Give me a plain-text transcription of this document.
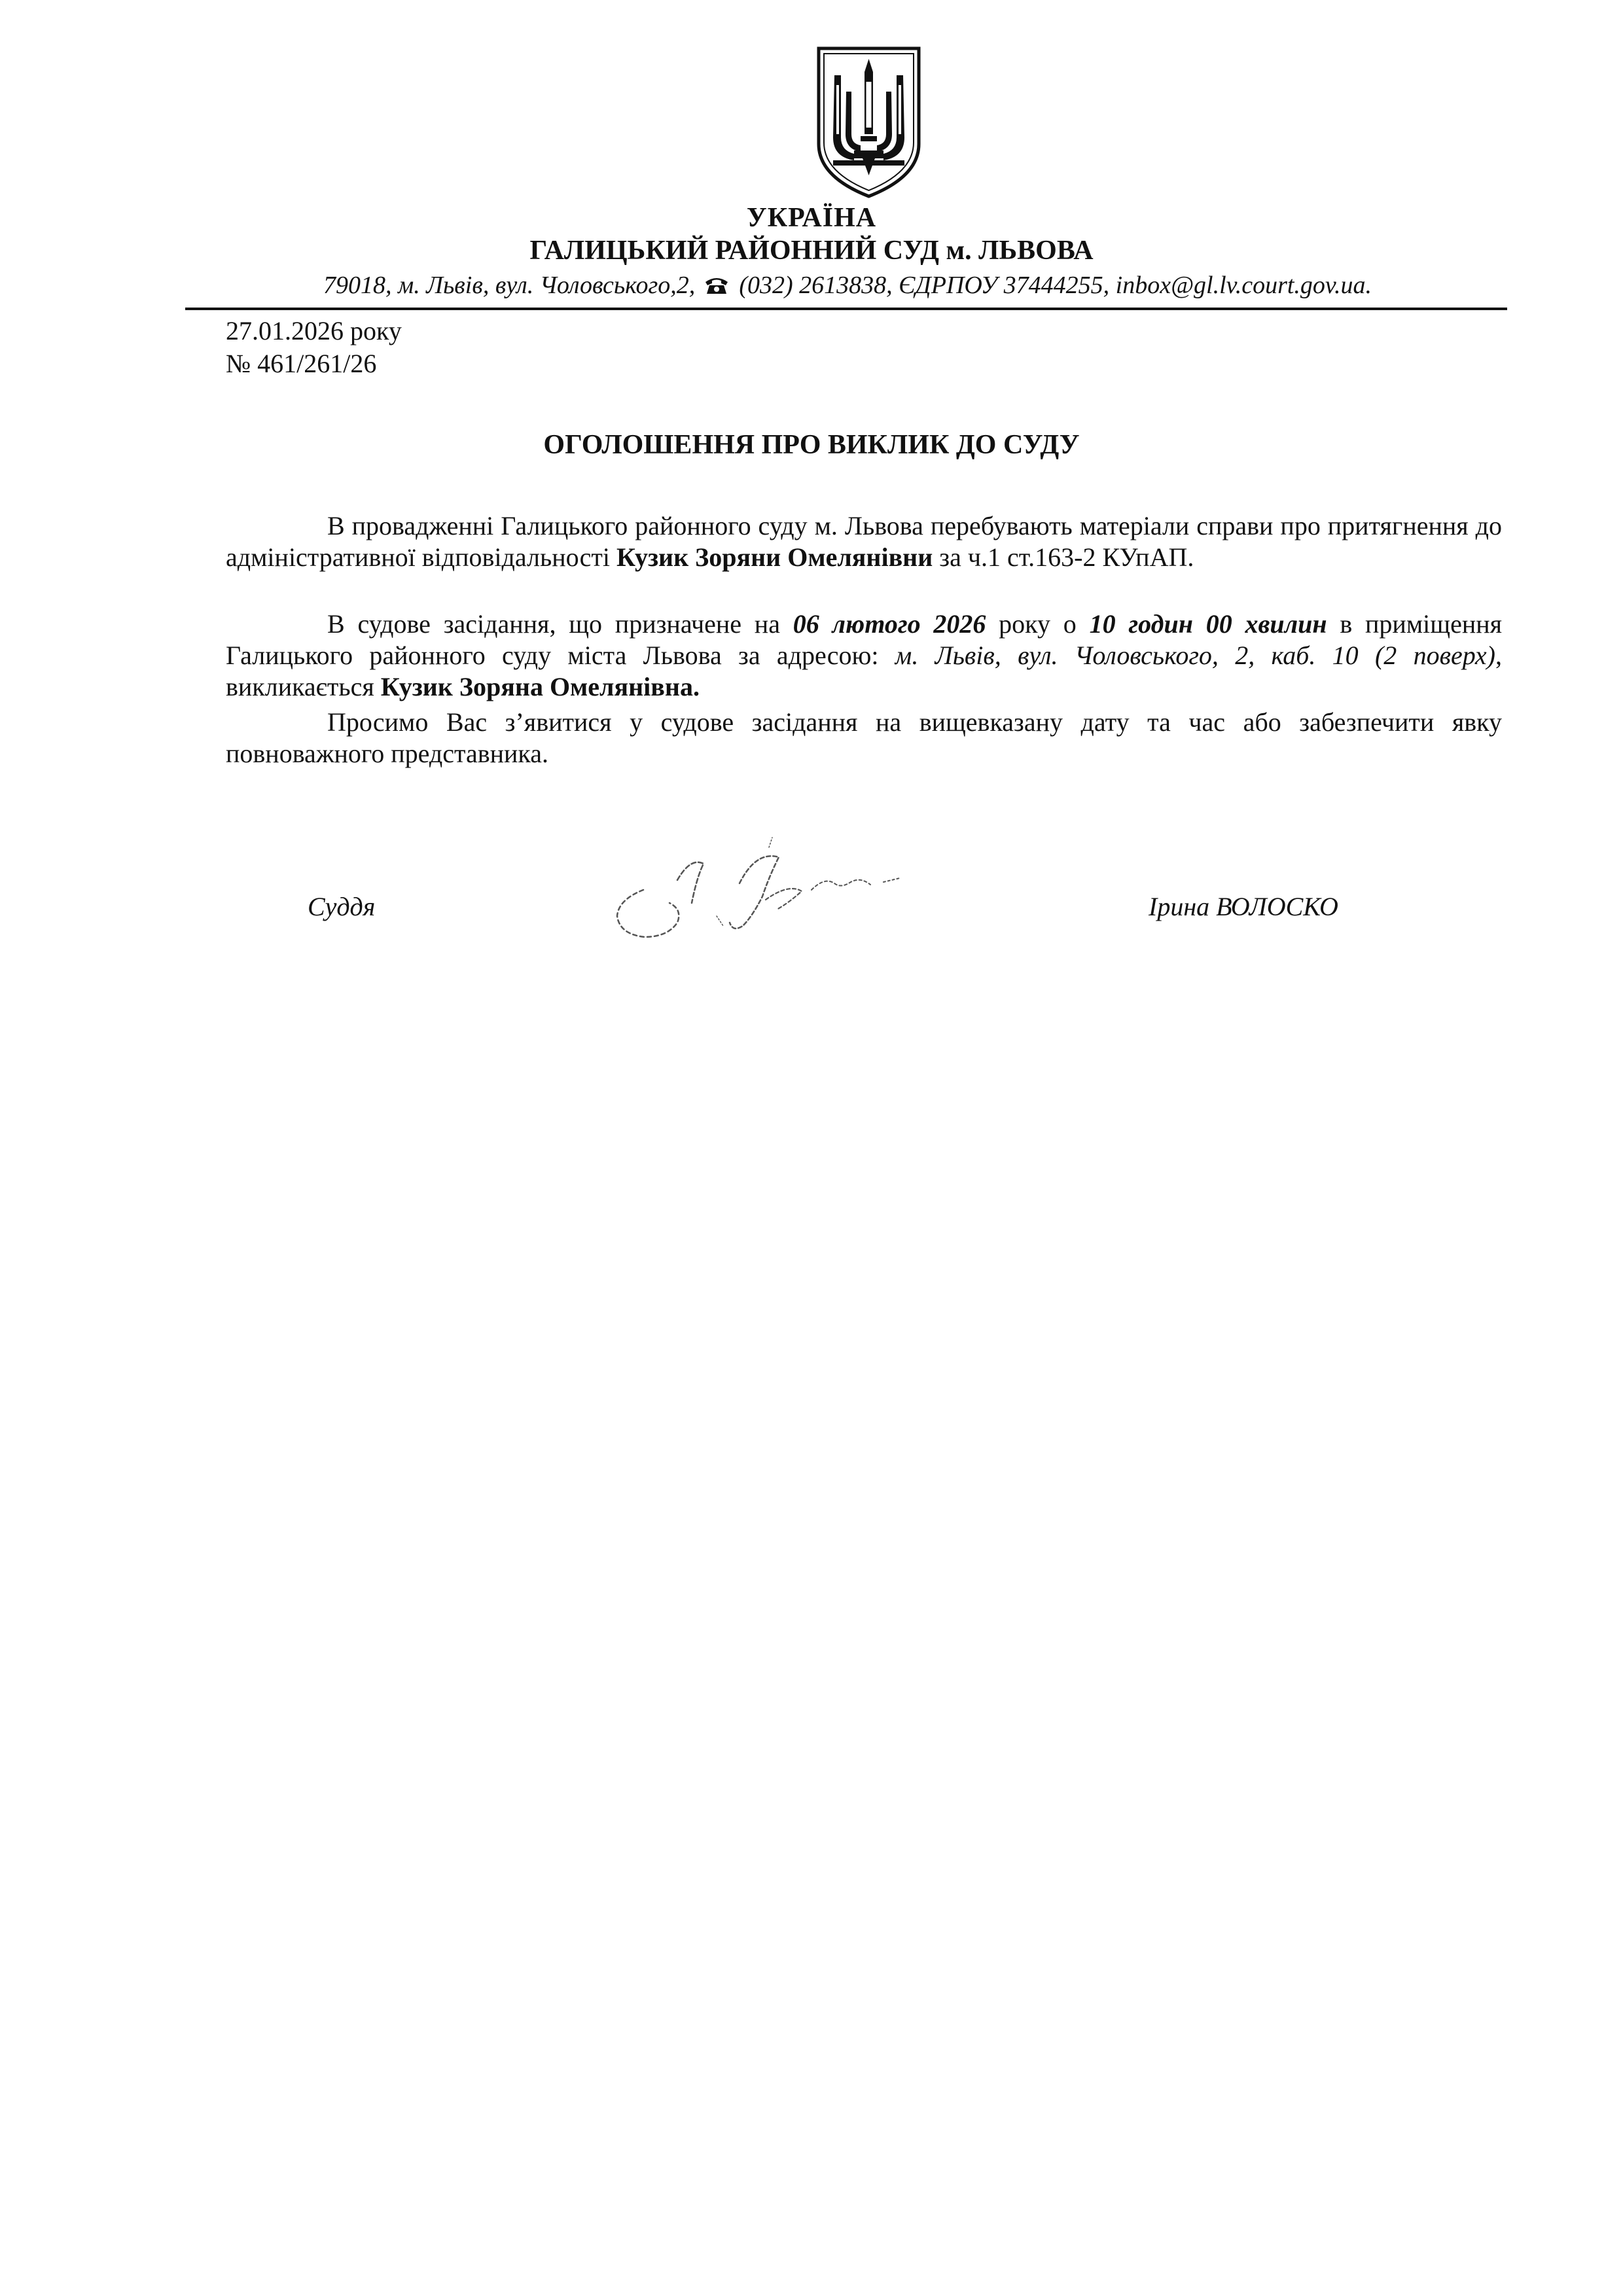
УКРАЇНА
ГАЛИЦЬКИЙ РАЙОННИЙ СУД м. ЛЬВОВА
79018, м. Львів, вул. Чоловського,2, (032) 2613838, ЄДРПОУ 37444255, inbox@gl.lv.court.gov.ua.
27.01.2026 року
№ 461/261/26
ОГОЛОШЕННЯ ПРО ВИКЛИК ДО СУДУ
В провадженні Галицького районного суду м. Львова перебувають матеріали справи про притягнення до адміністративної відповідальності Кузик Зоряни Омелянівни за ч.1 ст.163-2 КУпАП.
В судове засідання, що призначене на 06 лютого 2026 року о 10 годин 00 хвилин в приміщення Галицького районного суду міста Львова за адресою: м. Львів, вул. Чоловського, 2, каб. 10 (2 поверх), викликається Кузик Зоряна Омелянівна.
Просимо Вас з’явитися у судове засідання на вищевказану дату та час або забезпечити явку повноважного представника.
Суддя	Ірина ВОЛОСКО
